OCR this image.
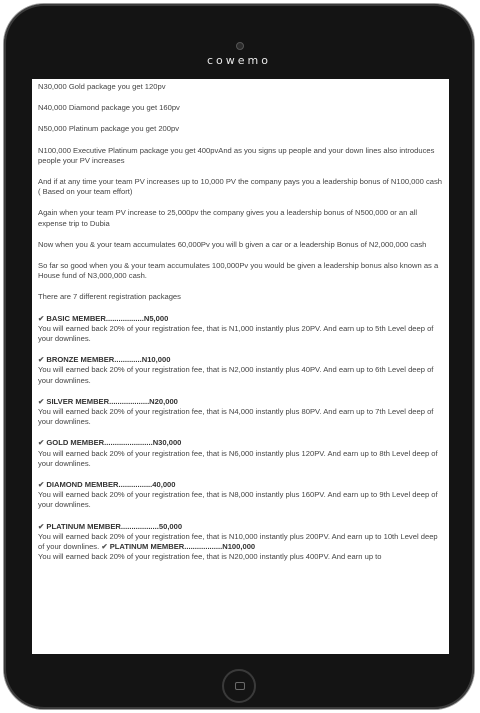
cowemo

N30,000 Gold package you get 120pv

N40,000 Diamond package you get 160pv

N50,000 Platinum package you get 200pv

N100,000 Executive Platinum package you get 400pvAnd as you signs up people and your down lines also introduces people your PV increases

And if at any time your team PV increases up to 10,000 PV the company pays you a leadership bonus of N100,000 cash ( Based on your team effort)

Again when your team PV increase to 25,000pv the company gives you a leadership bonus of N500,000 or an all expense trip to Dubia

Now when you & your team accumulates 60,000Pv you will b given a car or a leadership Bonus of N2,000,000 cash

So far so good when you & your team accumulates 100,000Pv you would be given a leadership bonus also known as a House fund of N3,000,000 cash.

There are 7 different registration packages

✔ BASIC MEMBER..................N5,000
You will earned back 20% of your registration fee, that is N1,000 instantly plus 20PV. And earn up to 5th Level deep of your downlines.
✔ BRONZE MEMBER.............N10,000
You will earned back 20% of your registration fee, that is N2,000 instantly plus 40PV. And earn up to 6th Level deep of your downlines.
✔ SILVER MEMBER...................N20,000
You will earned back 20% of your registration fee, that is N4,000 instantly plus 80PV. And earn up to 7th Level deep of your downlines.
✔ GOLD MEMBER.......................N30,000
You will earned back 20% of your registration fee, that is N6,000 instantly plus 120PV. And earn up to 8th Level deep of your downlines.
✔ DIAMOND MEMBER................40,000
You will earned back 20% of your registration fee, that is N8,000 instantly plus 160PV. And earn up to 9th Level deep of your downlines.
✔ PLATINUM MEMBER..................50,000
You will earned back 20% of your registration fee, that is N10,000 instantly plus 200PV. And earn up to 10th Level deep of your downlines. ✔ PLATINUM MEMBER..................N100,000
You will earned back 20% of your registration fee, that is N20,000 instantly plus 400PV. And earn up to
